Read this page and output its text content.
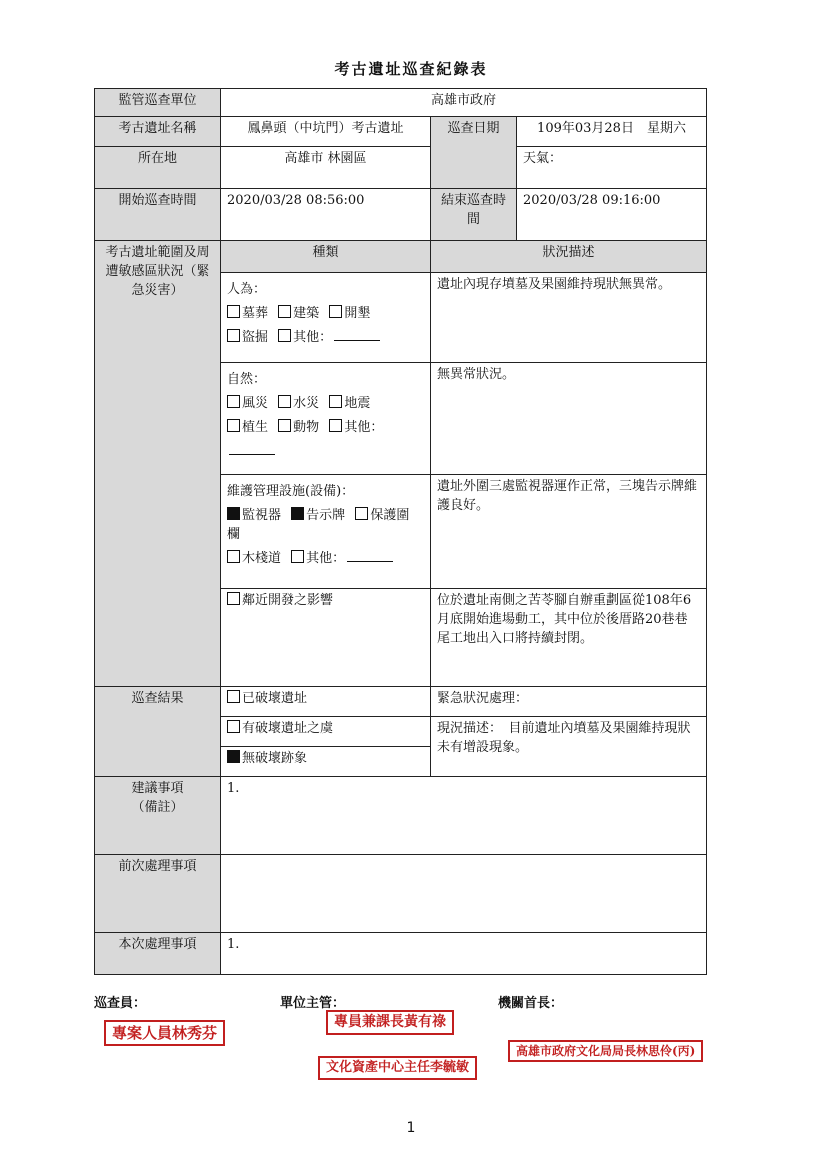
考古遺址巡查紀錄表
監管巡查單位	高雄市政府		
考古遺址名稱	鳳鼻頭（中坑門）考古遺址	巡查日期	109年03月28日　星期六
所在地	高雄市 林園區		天氣：
開始巡查時間	2020/03/28 08:56:00	結束巡查時間	2020/03/28 09:16:00
考古遺址範圍及周遭敏感區狀況（緊急災害）	種類	狀況描述	

	人為：
墓葬 建築 開墾
盜掘 其他：	遺址內現存墳墓及果園維持現狀無異常。	

	自然：
風災 水災 地震
植生 動物 其他：	無異常狀況。	

	維護管理設施(設備)：
監視器 告示牌 保護圍欄
木棧道 其他：	遺址外圍三處監視器運作正常，三塊告示牌維護良好。	
	鄰近開發之影響	位於遺址南側之苦苓腳自辦重劃區從108年6月底開始進場動工，其中位於後厝路20巷巷尾工地出入口將持續封閉。	
巡查結果	已破壞遺址	緊急狀況處理：	
	有破壞遺址之虞	現況描述：　目前遺址內墳墓及果園維持現狀未有增設現象。	
	無破壞跡象		
建議事項
（備註）	1.		
前次處理事項			
本次處理事項	1.		
巡查員：	單位主管：	機關首長：
專案人員林秀芬
專員兼課長黃有祿
文化資產中心主任李毓敏
高雄市政府文化局局長林思伶(丙)
1
